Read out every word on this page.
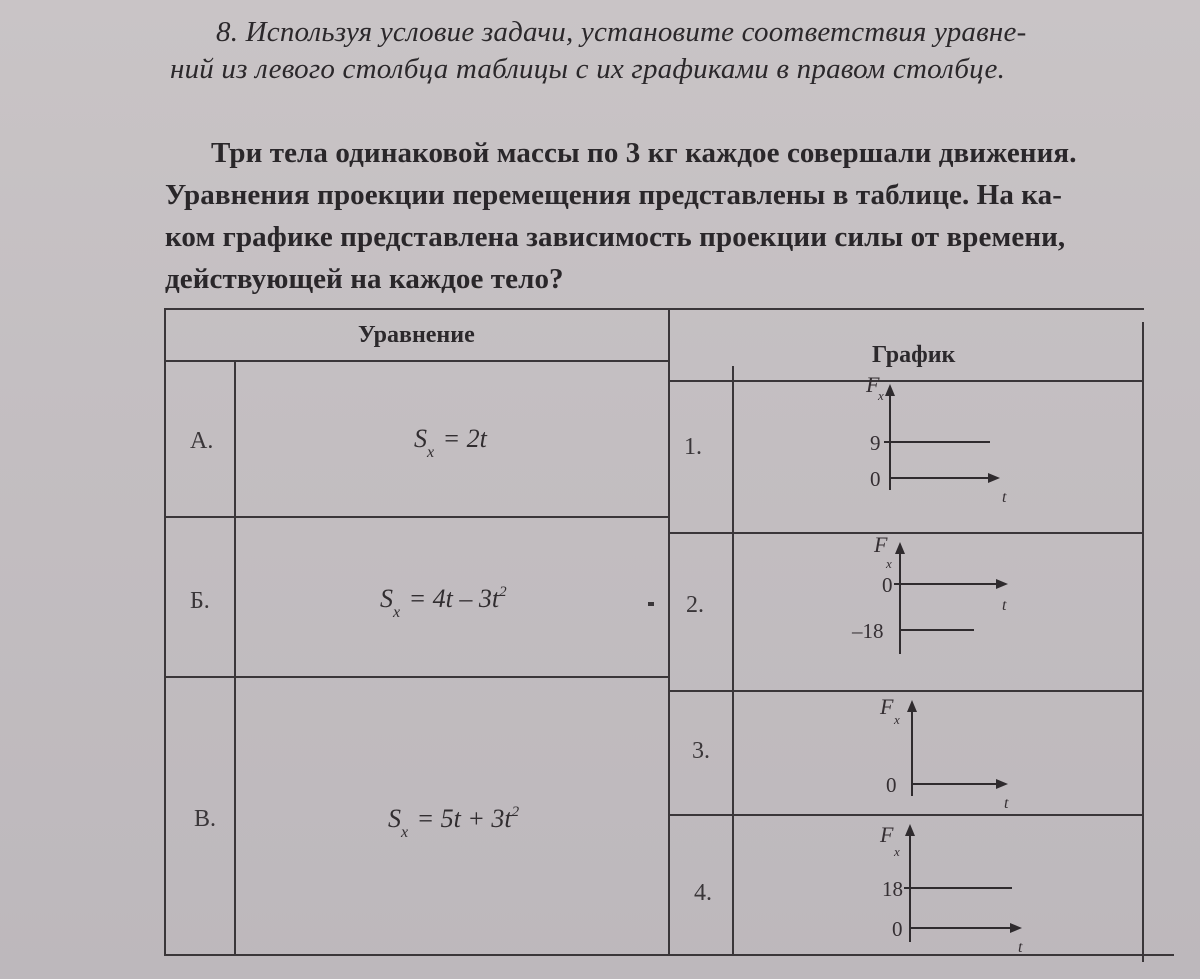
8. Используя условие задачи, установите соответствия уравне-
ний из левого столбца таблицы с их графиками в правом столбце.
Три тела одинаковой массы по 3 кг каждое совершали движения.
Уравнения проекции перемещения представлены в таблице. На ка-
ком графике представлена зависимость проекции силы от времени,
действующей на каждое тело?
Уравнение
График
А.
Б.
В.
$S_x = 2t$
$S_x = 4t - 3t^2$
$S_x = 5t + 3t^2$
1.
2.
3.
4.
F
x
9
0
t
F
x
0
–18
t
F
x
0
t
F
x
18
0
t
